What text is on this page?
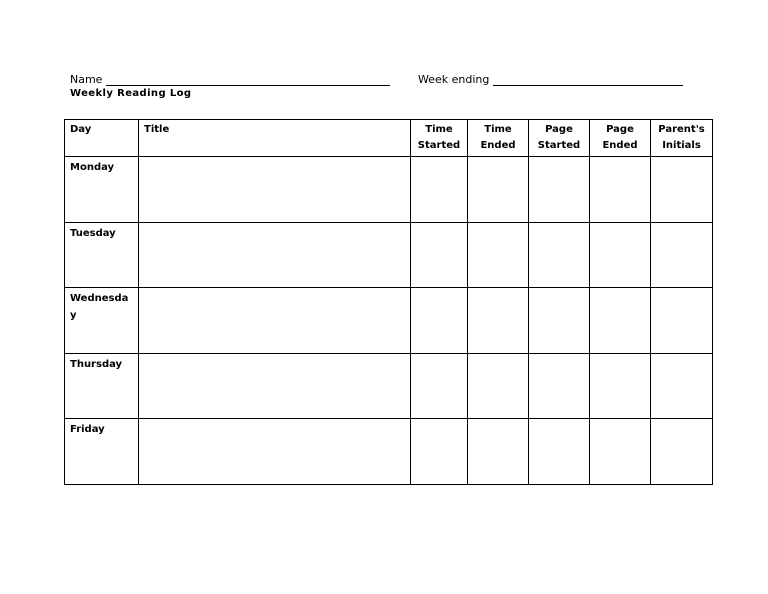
Name	Week ending
Weekly Reading Log
Day	Title	Time Started	Time Ended	Page Started	Page Ended	Parent's Initials
Monday						
Tuesday						
Wednesday						
Thursday						
Friday						
